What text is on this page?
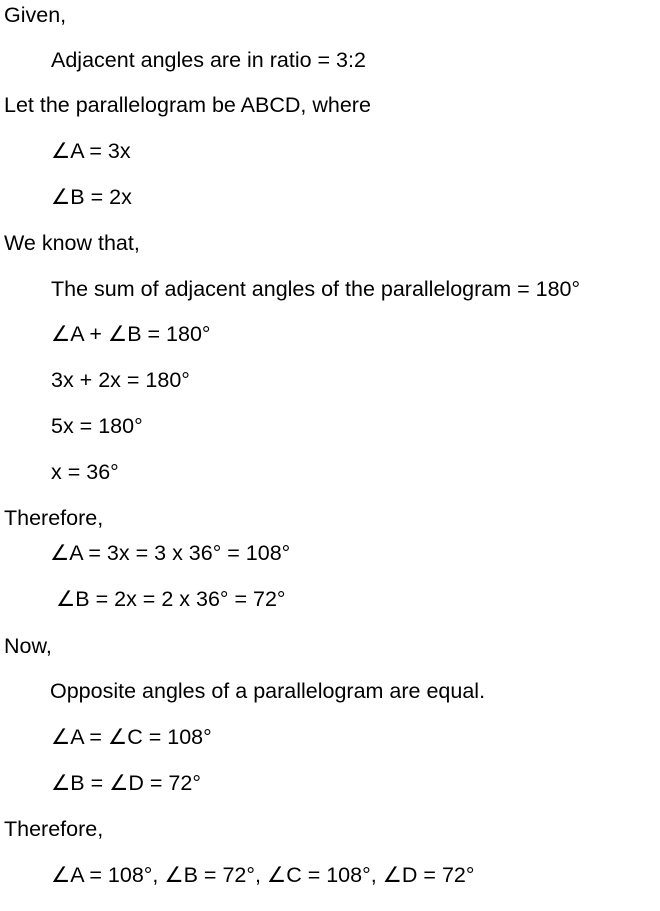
Given,
Adjacent angles are in ratio = 3:2
Let the parallelogram be ABCD, where
∠A = 3x
∠B = 2x
We know that,
The sum of adjacent angles of the parallelogram = 180°
∠A + ∠B = 180°
3x + 2x = 180°
5x = 180°
x = 36°
Therefore,
∠A = 3x = 3 x 36° = 108°
∠B = 2x = 2 x 36° = 72°
Now,
Opposite angles of a parallelogram are equal.
∠A = ∠C = 108°
∠B = ∠D = 72°
Therefore,
∠A = 108°, ∠B = 72°, ∠C = 108°, ∠D = 72°
